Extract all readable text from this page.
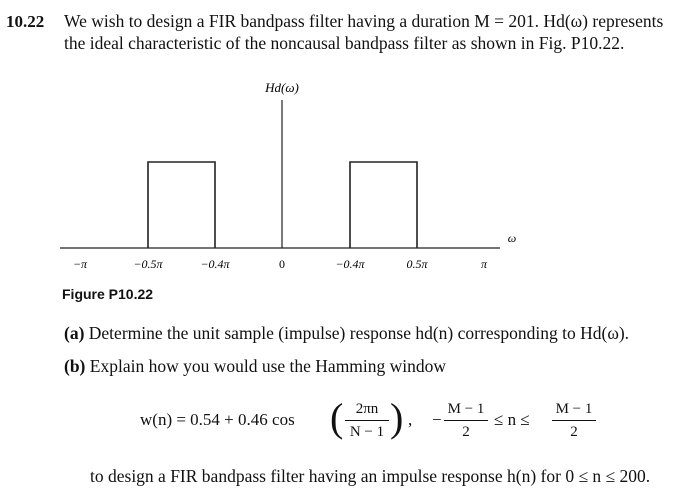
10.22 We wish to design a FIR bandpass filter having a duration M = 201. Hd(ω) represents
the ideal characteristic of the noncausal bandpass filter as shown in Fig. P10.22.
Hd(ω)
ω
−π	−0.5π	−0.4π	0	−0.4π	0.5π	π
Figure P10.22
(a) Determine the unit sample (impulse) response hd(n) corresponding to Hd(ω).
(b) Explain how you would use the Hamming window
w(n) = 0.54 + 0.46 cos ( 2πn
N − 1 ) , −
M − 1
2
≤ n ≤
M − 1
2
to design a FIR bandpass filter having an impulse response h(n) for 0 ≤ n ≤ 200.
